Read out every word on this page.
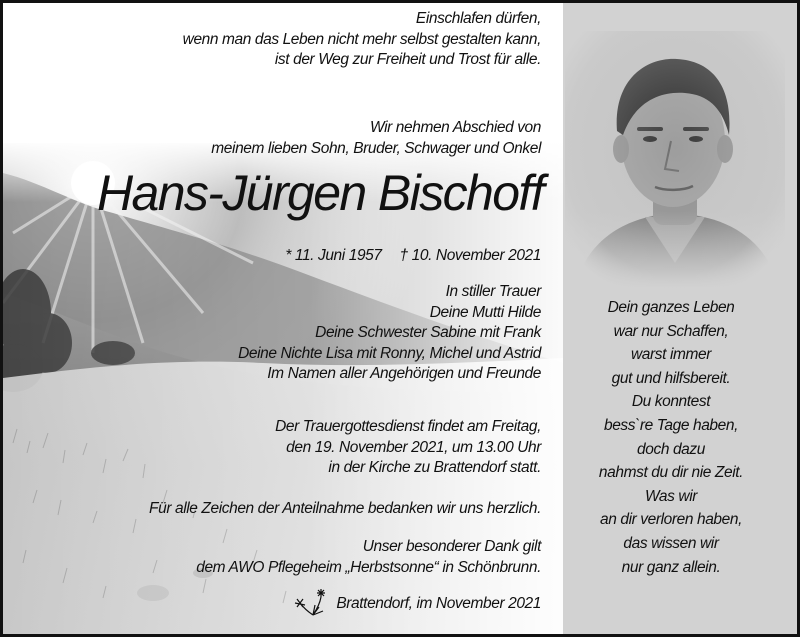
Einschlafen dürfen,
wenn man das Leben nicht mehr selbst gestalten kann,
ist der Weg zur Freiheit und Trost für alle.
Wir nehmen Abschied von
meinem lieben Sohn, Bruder, Schwager und Onkel
Hans-Jürgen Bischoff
* 11. Juni 1957 † 10. November 2021
In stiller Trauer
Deine Mutti Hilde
Deine Schwester Sabine mit Frank
Deine Nichte Lisa mit Ronny, Michel und Astrid
Im Namen aller Angehörigen und Freunde
Der Trauergottesdienst findet am Freitag,
den 19. November 2021, um 13.00 Uhr
in der Kirche zu Brattendorf statt.
Für alle Zeichen der Anteilnahme bedanken wir uns herzlich.
Unser besonderer Dank gilt
dem AWO Pflegeheim „Herbstsonne“ in Schönbrunn.
Brattendorf, im November 2021
Dein ganzes Leben
war nur Schaffen,
warst immer
gut und hilfsbereit.
Du konntest
bess`re Tage haben,
doch dazu
nahmst du dir nie Zeit.
Was wir
an dir verloren haben,
das wissen wir
nur ganz allein.
